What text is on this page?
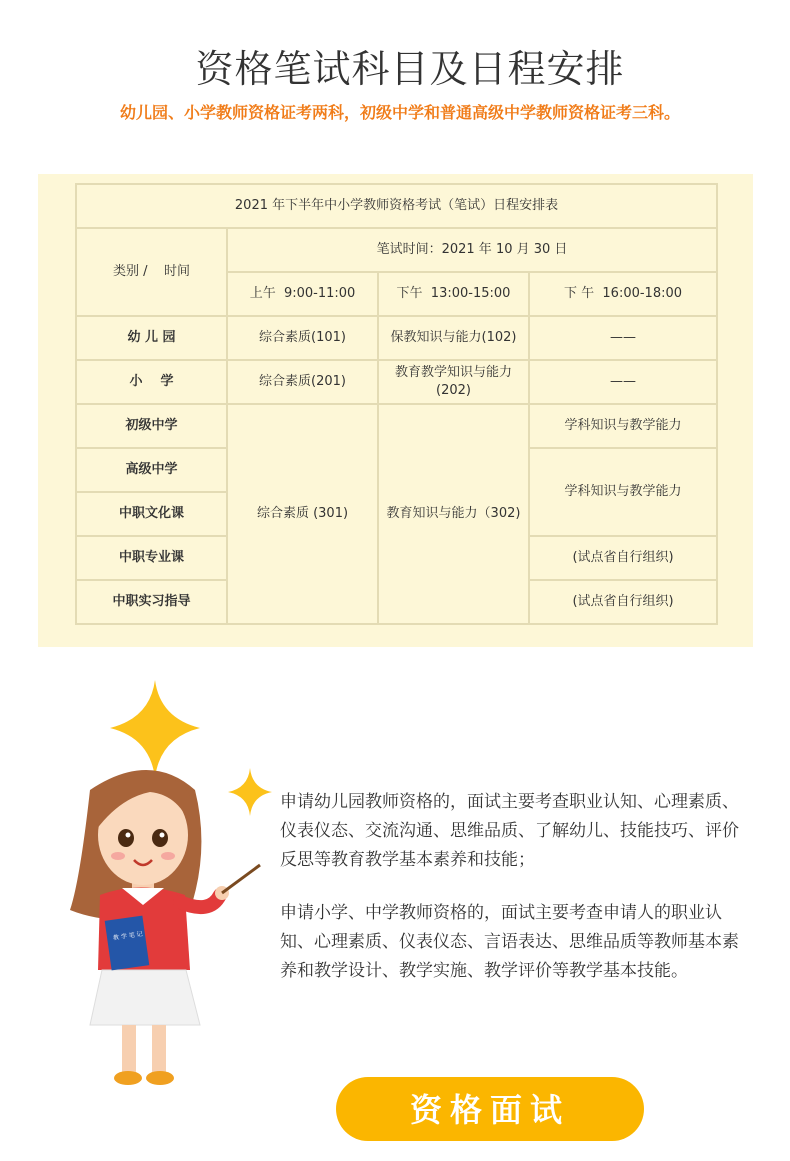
资格笔试科目及日程安排
幼儿园、小学教师资格证考两科，初级中学和普通高级中学教师资格证考三科。
2021 年下半年中小学教师资格考试（笔试）日程安排表			
类别 /    时间	笔试时间：2021 年 10 月 30 日		
	上午  9:00-11:00	下午  13:00-15:00	下 午  16:00-18:00
幼 儿 园	综合素质(101)	保教知识与能力(102)	——
小    学	综合素质(201)	教育教学知识与能力(202)	——
初级中学	综合素质 (301)	教育知识与能力（302)	学科知识与教学能力
高级中学			学科知识与教学能力
中职文化课			
中职专业课			(试点省自行组织)
中职实习指导			(试点省自行组织)
教 学 笔 记

申请幼儿园教师资格的，面试主要考查职业认知、心理素质、仪表仪态、交流沟通、思维品质、了解幼儿、技能技巧、评价反思等教育教学基本素养和技能；

申请小学、中学教师资格的，面试主要考查申请人的职业认知、心理素质、仪表仪态、言语表达、思维品质等教师基本素养和教学设计、教学实施、教学评价等教学基本技能。

资格面试
